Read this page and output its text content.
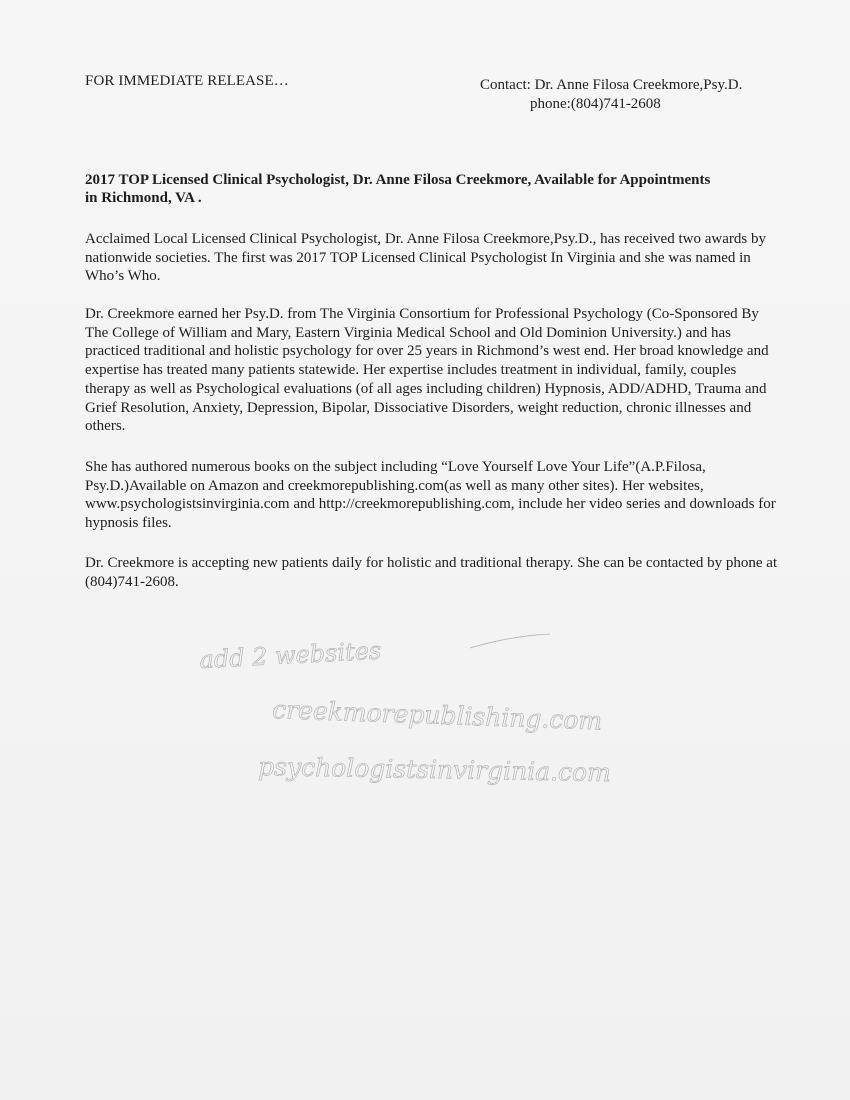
FOR IMMEDIATE RELEASE…	Contact: Dr. Anne Filosa Creekmore,Psy.D.
phone:(804)741-2608
2017 TOP Licensed Clinical Psychologist, Dr. Anne Filosa Creekmore, Available for Appointments in Richmond, VA .

Acclaimed Local Licensed Clinical Psychologist, Dr. Anne Filosa Creekmore,Psy.D., has received two awards by nationwide societies. The first was 2017 TOP Licensed Clinical Psychologist In Virginia and she was named in Who’s Who.

Dr. Creekmore earned her Psy.D. from The Virginia Consortium for Professional Psychology (Co-Sponsored By The College of William and Mary, Eastern Virginia Medical School and Old Dominion University.) and has practiced traditional and holistic psychology for over 25 years in Richmond’s west end. Her broad knowledge and expertise has treated many patients statewide. Her expertise includes treatment in individual, family, couples therapy as well as Psychological evaluations (of all ages including children) Hypnosis, ADD/ADHD, Trauma and Grief Resolution, Anxiety, Depression, Bipolar, Dissociative Disorders, weight reduction, chronic illnesses and others.

She has authored numerous books on the subject including “Love Yourself Love Your Life”(A.P.Filosa, Psy.D.)Available on Amazon and creekmorepublishing.com(as well as many other sites). Her websites, www.psychologistsinvirginia.com and http://creekmorepublishing.com, include her video series and downloads for hypnosis files.

Dr. Creekmore is accepting new patients daily for holistic and traditional therapy. She can be contacted by phone at (804)741-2608.

add 2 websites
creekmorepublishing.com
psychologistsinvirginia.com
